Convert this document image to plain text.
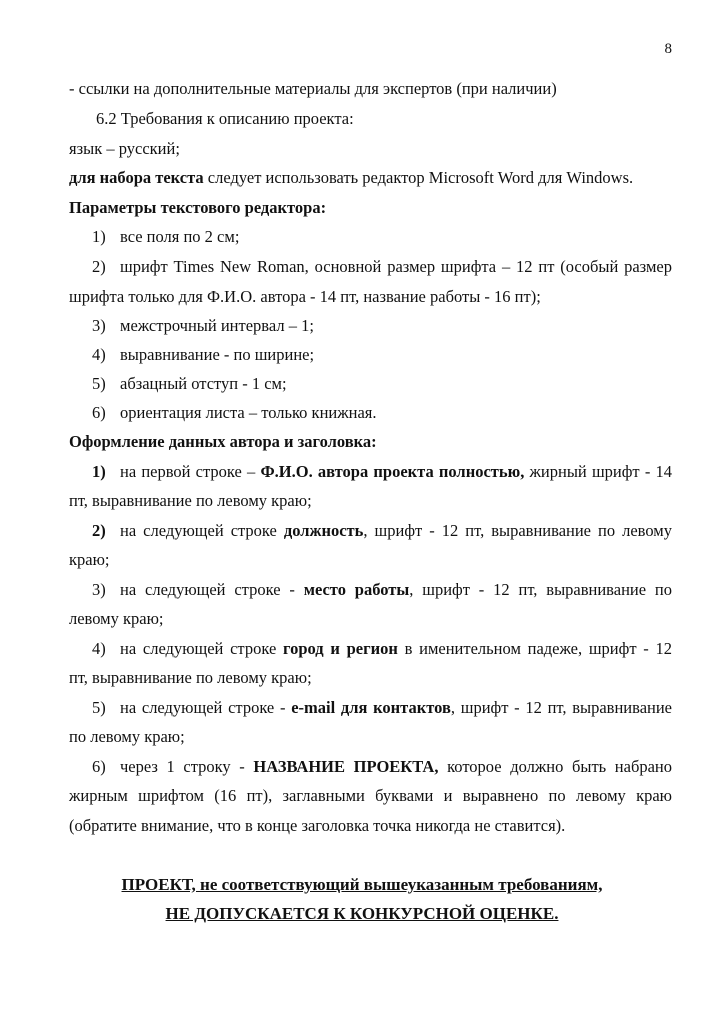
8
- ссылки на дополнительные материалы для экспертов (при наличии)
6.2 Требования к описанию проекта:
язык – русский;
для набора текста следует использовать редактор Microsoft Word для Windows.
Параметры текстового редактора:
1) все поля по 2 см;
2) шрифт Times New Roman, основной размер шрифта – 12 пт (особый размер
шрифта только для Ф.И.О. автора - 14 пт, название работы - 16 пт);
3) межстрочный интервал – 1;
4) выравнивание - по ширине;
5) абзацный отступ - 1 см;
6) ориентация листа – только книжная.
Оформление данных автора и заголовка:
1) на первой строке – Ф.И.О. автора проекта полностью, жирный шрифт - 14
пт, выравнивание по левому краю;
2) на следующей строке должность, шрифт - 12 пт, выравнивание по левому
краю;
3) на следующей строке - место работы, шрифт - 12 пт, выравнивание по
левому краю;
4) на следующей строке город и регион в именительном падеже, шрифт - 12
пт, выравнивание по левому краю;
5) на следующей строке - e-mail для контактов, шрифт - 12 пт, выравнивание
по левому краю;
6) через 1 строку - НАЗВАНИЕ ПРОЕКТА, которое должно быть набрано
жирным шрифтом (16 пт), заглавными буквами и выравнено по левому краю
(обратите внимание, что в конце заголовка точка никогда не ставится).
ПРОЕКТ, не соответствующий вышеуказанным требованиям,
НЕ ДОПУСКАЕТСЯ К КОНКУРСНОЙ ОЦЕНКЕ.
